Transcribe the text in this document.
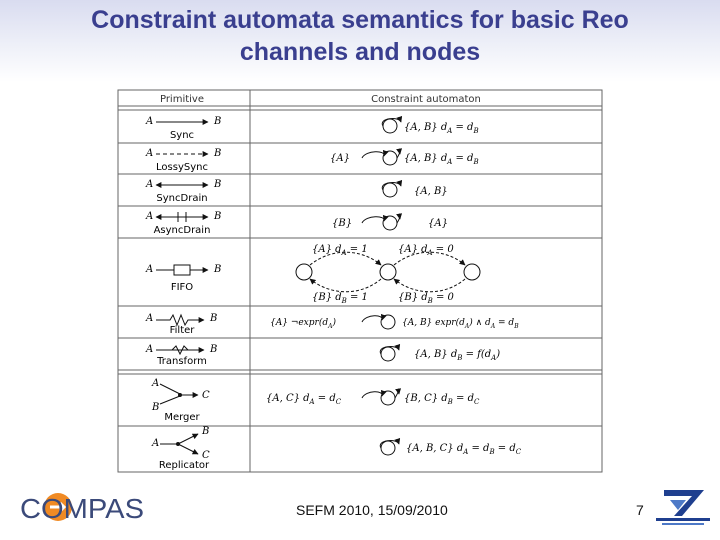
Constraint automata semantics for basic Reo
channels and nodes
Primitive	Constraint automaton
A	B
Sync
{A, B} $d_A = d_B$
A	B
LossySync
{A}	{A, B} $d_A = d_B$
A	B
SyncDrain
{A, B}
A	B
AsyncDrain
{B}	{A}
A	B
FIFO
{A} $d_A = 1$	{A} $d_A = 0$
{B} $d_B = 1$	{B} $d_B = 0$
A	B
Filter
{A} $\neg\exp r(d_A)$	{A, B} $\exp r(d_A)$ ∧ $d_A = d_B$
A	B
Transform
{A, B} $d_B = f(d_A)$
A
C
B
Merger
{A, C} $d_A = d_C$	{B, C} $d_B = d_C$
A
B
C
Replicator
{A, B, C} $d_A = d_B = d_C$
COMPAS	SEFM 2010, 15/09/2010	7
